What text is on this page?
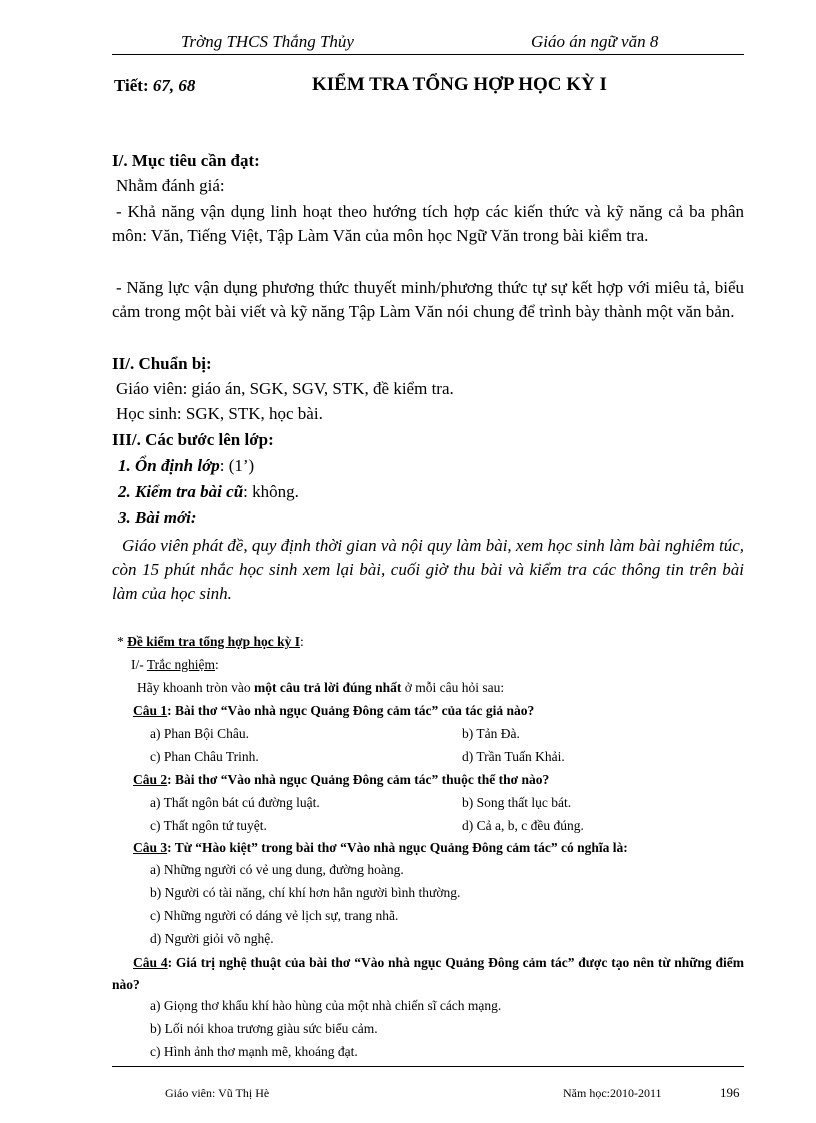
Trờng THCS Thắng Thủy	Giáo án ngữ văn 8
Tiết: 67, 68	KIỂM TRA TỔNG HỢP HỌC KỲ I
I/. Mục tiêu cần đạt:
Nhằm đánh giá:
- Khả năng vận dụng linh hoạt theo hướng tích hợp các kiến thức và kỹ năng cả ba phân môn: Văn, Tiếng Việt, Tập Làm Văn của môn học Ngữ Văn trong bài kiểm tra.
- Năng lực vận dụng phương thức thuyết minh/phương thức tự sự kết hợp với miêu tả, biểu cảm trong một bài viết và kỹ năng Tập Làm Văn nói chung để trình bày thành một văn bản.
II/. Chuẩn bị:
Giáo viên: giáo án, SGK, SGV, STK, đề kiểm tra.
Học sinh: SGK, STK, học bài.
III/. Các bước lên lớp:
1. Ổn định lớp: (1’)
2. Kiểm tra bài cũ: không.
3. Bài mới:
Giáo viên phát đề, quy định thời gian và nội quy làm bài, xem học sinh làm bài nghiêm túc, còn 15 phút nhắc học sinh xem lại bài, cuối giờ thu bài và kiểm tra các thông tin trên bài làm của học sinh.
* Đề kiểm tra tổng hợp học kỳ I:
I/- Trắc nghiệm:
Hãy khoanh tròn vào một câu trả lời đúng nhất ở mỗi câu hỏi sau:
Câu 1: Bài thơ “Vào nhà ngục Quảng Đông cảm tác” của tác giả nào?
a) Phan Bội Châu.	b) Tản Đà.
c) Phan Châu Trinh.	d) Trần Tuấn Khải.
Câu 2: Bài thơ “Vào nhà ngục Quảng Đông cảm tác” thuộc thể thơ nào?
a) Thất ngôn bát cú đường luật.	b) Song thất lục bát.
c) Thất ngôn tứ tuyệt.	d) Cả a, b, c đều đúng.
Câu 3: Từ “Hào kiệt” trong bài thơ “Vào nhà ngục Quảng Đông cảm tác” có nghĩa là:
a) Những người có vẻ ung dung, đường hoàng.
b) Người có tài năng, chí khí hơn hẳn người bình thường.
c) Những người có dáng vẻ lịch sự, trang nhã.
d) Người giỏi võ nghệ.
Câu 4: Giá trị nghệ thuật của bài thơ “Vào nhà ngục Quảng Đông cảm tác” được tạo nên từ những điểm nào?
a) Giọng thơ khẩu khí hào hùng của một nhà chiến sĩ cách mạng.
b) Lối nói khoa trương giàu sức biểu cảm.
c) Hình ảnh thơ mạnh mẽ, khoáng đạt.
Giáo viên: Vũ Thị Hè	Năm học:2010-2011	196
